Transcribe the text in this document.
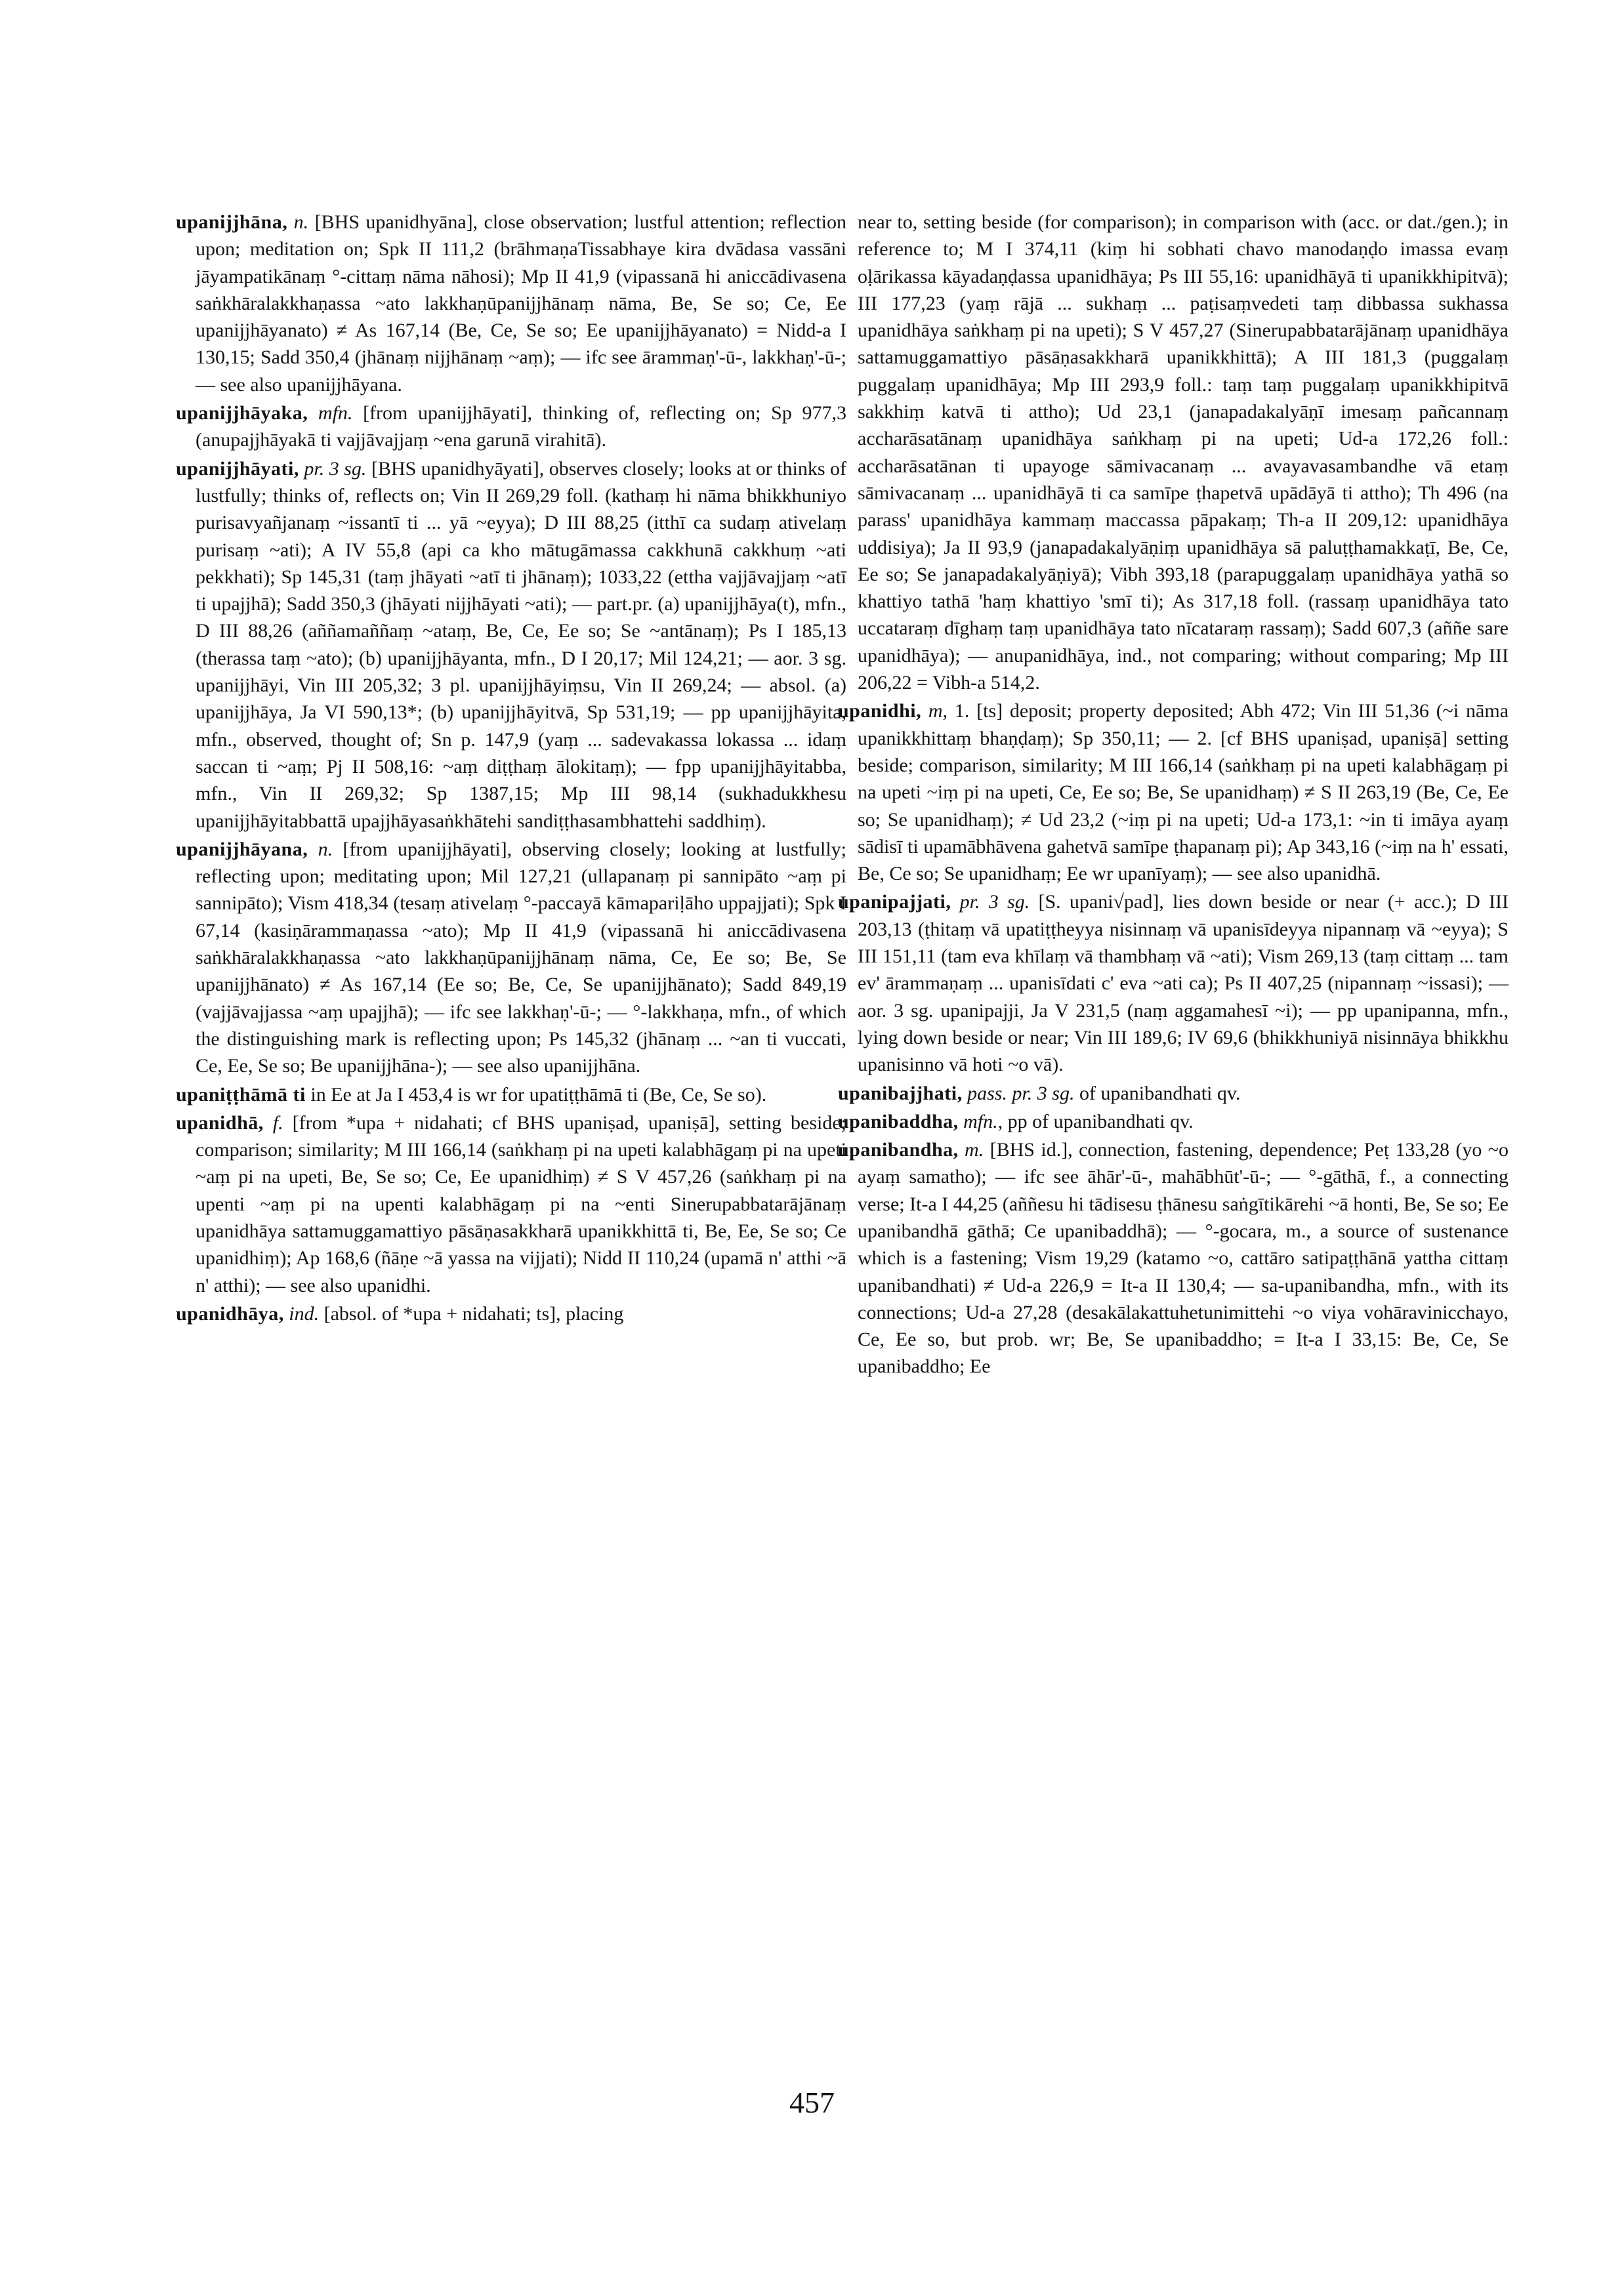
upanijjhāna, n. [BHS upanidhyāna], close observation; lustful attention; reflection upon; meditation on; Spk II 111,2 (brāhmaṇaTissabhaye kira dvādasa vassāni jāyampatikānaṃ °-cittaṃ nāma nāhosi); Mp II 41,9 (vipassanā hi aniccādivasena saṅkhāralakkhaṇassa ~ato lakkhaṇūpanijjhānaṃ nāma, Be, Se so; Ce, Ee upanijjhāyanato) ≠ As 167,14 (Be, Ce, Se so; Ee upanijjhāyanato) = Nidd-a I 130,15; Sadd 350,4 (jhānaṃ nijjhānaṃ ~aṃ); — ifc see ārammaṇ'-ū-, lakkhaṇ'-ū-; — see also upanijjhāyana.

upanijjhāyaka, mfn. [from upanijjhāyati], thinking of, reflecting on; Sp 977,3 (anupajjhāyakā ti vajjāvajjaṃ ~ena garunā virahitā).

upanijjhāyati, pr. 3 sg. [BHS upanidhyāyati], observes closely; looks at or thinks of lustfully; thinks of, reflects on; Vin II 269,29 foll. (kathaṃ hi nāma bhikkhuniyo purisavyañjanaṃ ~issantī ti ... yā ~eyya); D III 88,25 (itthī ca sudaṃ ativelaṃ purisaṃ ~ati); A IV 55,8 (api ca kho mātugāmassa cakkhunā cakkhuṃ ~ati pekkhati); Sp 145,31 (taṃ jhāyati ~atī ti jhānaṃ); 1033,22 (ettha vajjāvajjaṃ ~atī ti upajjhā); Sadd 350,3 (jhāyati nijjhāyati ~ati); — part.pr. (a) upanijjhāya(t), mfn., D III 88,26 (aññamaññaṃ ~ataṃ, Be, Ce, Ee so; Se ~antānaṃ); Ps I 185,13 (therassa taṃ ~ato); (b) upanijjhāyanta, mfn., D I 20,17; Mil 124,21; — aor. 3 sg. upanijjhāyi, Vin III 205,32; 3 pl. upanijjhāyiṃsu, Vin II 269,24; — absol. (a) upanijjhāya, Ja VI 590,13*; (b) upanijjhāyitvā, Sp 531,19; — pp upanijjhāyita, mfn., observed, thought of; Sn p. 147,9 (yaṃ ... sadevakassa lokassa ... idaṃ saccan ti ~aṃ; Pj II 508,16: ~aṃ diṭṭhaṃ ālokitaṃ); — fpp upanijjhāyitabba, mfn., Vin II 269,32; Sp 1387,15; Mp III 98,14 (sukhadukkhesu upanijjhāyitabbattā upajjhāyasaṅkhātehi sandiṭṭhasambhattehi saddhiṃ).

upanijjhāyana, n. [from upanijjhāyati], observing closely; looking at lustfully; reflecting upon; meditating upon; Mil 127,21 (ullapanaṃ pi sannipāto ~aṃ pi sannipāto); Vism 418,34 (tesaṃ ativelaṃ °-paccayā kāmapariḷāho uppajjati); Spk I 67,14 (kasiṇārammaṇassa ~ato); Mp II 41,9 (vipassanā hi aniccādivasena saṅkhāralakkhaṇassa ~ato lakkhaṇūpanijjhānaṃ nāma, Ce, Ee so; Be, Se upanijjhānato) ≠ As 167,14 (Ee so; Be, Ce, Se upanijjhānato); Sadd 849,19 (vajjāvajjassa ~aṃ upajjhā); — ifc see lakkhaṇ'-ū-; — °-lakkhaṇa, mfn., of which the distinguishing mark is reflecting upon; Ps 145,32 (jhānaṃ ... ~an ti vuccati, Ce, Ee, Se so; Be upanijjhāna-); — see also upanijjhāna.

upaniṭṭhāmā ti in Ee at Ja I 453,4 is wr for upatiṭṭhāmā ti (Be, Ce, Se so).

upanidhā, f. [from *upa + nidahati; cf BHS upaniṣad, upaniṣā], setting beside; comparison; similarity; M III 166,14 (saṅkhaṃ pi na upeti kalabhāgaṃ pi na upeti ~aṃ pi na upeti, Be, Se so; Ce, Ee upanidhiṃ) ≠ S V 457,26 (saṅkhaṃ pi na upenti ~aṃ pi na upenti kalabhāgaṃ pi na ~enti Sinerupabbatarājānaṃ upanidhāya sattamuggamattiyo pāsāṇasakkharā upanikkhittā ti, Be, Ee, Se so; Ce upanidhiṃ); Ap 168,6 (ñāṇe ~ā yassa na vijjati); Nidd II 110,24 (upamā n' atthi ~ā n' atthi); — see also upanidhi.

upanidhāya, ind. [absol. of *upa + nidahati; ts], placing

near to, setting beside (for comparison); in comparison with (acc. or dat./gen.); in reference to; M I 374,11 (kiṃ hi sobhati chavo manodaṇḍo imassa evaṃ oḷārikassa kāyadaṇḍassa upanidhāya; Ps III 55,16: upanidhāyā ti upanikkhipitvā); III 177,23 (yaṃ rājā ... sukhaṃ ... paṭisaṃvedeti taṃ dibbassa sukhassa upanidhāya saṅkhaṃ pi na upeti); S V 457,27 (Sinerupabbatarājānaṃ upanidhāya sattamuggamattiyo pāsāṇasakkharā upanikkhittā); A III 181,3 (puggalaṃ puggalaṃ upanidhāya; Mp III 293,9 foll.: taṃ taṃ puggalaṃ upanikkhipitvā sakkhiṃ katvā ti attho); Ud 23,1 (janapadakalyāṇī imesaṃ pañcannaṃ accharāsatānaṃ upanidhāya saṅkhaṃ pi na upeti; Ud-a 172,26 foll.: accharāsatānan ti upayoge sāmivacanaṃ ... avayavasambandhe vā etaṃ sāmivacanaṃ ... upanidhāyā ti ca samīpe ṭhapetvā upādāyā ti attho); Th 496 (na parass' upanidhāya kammaṃ maccassa pāpakaṃ; Th-a II 209,12: upanidhāya uddisiya); Ja II 93,9 (janapadakalyāṇiṃ upanidhāya sā paluṭṭhamakkaṭī, Be, Ce, Ee so; Se janapadakalyāṇiyā); Vibh 393,18 (parapuggalaṃ upanidhāya yathā so khattiyo tathā 'haṃ khattiyo 'smī ti); As 317,18 foll. (rassaṃ upanidhāya tato uccataraṃ dīghaṃ taṃ upanidhāya tato nīcataraṃ rassaṃ); Sadd 607,3 (aññe sare upanidhāya); — anupanidhāya, ind., not comparing; without comparing; Mp III 206,22 = Vibh-a 514,2.

upanidhi, m, 1. [ts] deposit; property deposited; Abh 472; Vin III 51,36 (~i nāma upanikkhittaṃ bhaṇḍaṃ); Sp 350,11; — 2. [cf BHS upaniṣad, upaniṣā] setting beside; comparison, similarity; M III 166,14 (saṅkhaṃ pi na upeti kalabhāgaṃ pi na upeti ~iṃ pi na upeti, Ce, Ee so; Be, Se upanidhaṃ) ≠ S II 263,19 (Be, Ce, Ee so; Se upanidhaṃ); ≠ Ud 23,2 (~iṃ pi na upeti; Ud-a 173,1: ~in ti imāya ayaṃ sādisī ti upamābhāvena gahetvā samīpe ṭhapanaṃ pi); Ap 343,16 (~iṃ na h' essati, Be, Ce so; Se upanidhaṃ; Ee wr upanīyaṃ); — see also upanidhā.

upanipajjati, pr. 3 sg. [S. upani√pad], lies down beside or near (+ acc.); D III 203,13 (ṭhitaṃ vā upatiṭṭheyya nisinnaṃ vā upanisīdeyya nipannaṃ vā ~eyya); S III 151,11 (tam eva khīlaṃ vā thambhaṃ vā ~ati); Vism 269,13 (taṃ cittaṃ ... tam ev' ārammaṇaṃ ... upanisīdati c' eva ~ati ca); Ps II 407,25 (nipannaṃ ~issasi); — aor. 3 sg. upanipajji, Ja V 231,5 (naṃ aggamahesī ~i); — pp upanipanna, mfn., lying down beside or near; Vin III 189,6; IV 69,6 (bhikkhuniyā nisinnāya bhikkhu upanisinno vā hoti ~o vā).

upanibajjhati, pass. pr. 3 sg. of upanibandhati qv.

upanibaddha, mfn., pp of upanibandhati qv.

upanibandha, m. [BHS id.], connection, fastening, dependence; Peṭ 133,28 (yo ~o ayaṃ samatho); — ifc see āhār'-ū-, mahābhūt'-ū-; — °-gāthā, f., a connecting verse; It-a I 44,25 (aññesu hi tādisesu ṭhānesu saṅgītikārehi ~ā honti, Be, Se so; Ee upanibandhā gāthā; Ce upanibaddhā); — °-gocara, m., a source of sustenance which is a fastening; Vism 19,29 (katamo ~o, cattāro satipaṭṭhānā yattha cittaṃ upanibandhati) ≠ Ud-a 226,9 = It-a II 130,4; — sa-upanibandha, mfn., with its connections; Ud-a 27,28 (desakālakattuhetunimittehi ~o viya vohāravinicchayo, Ce, Ee so, but prob. wr; Be, Se upanibaddho; = It-a I 33,15: Be, Ce, Se upanibaddho; Ee

457
